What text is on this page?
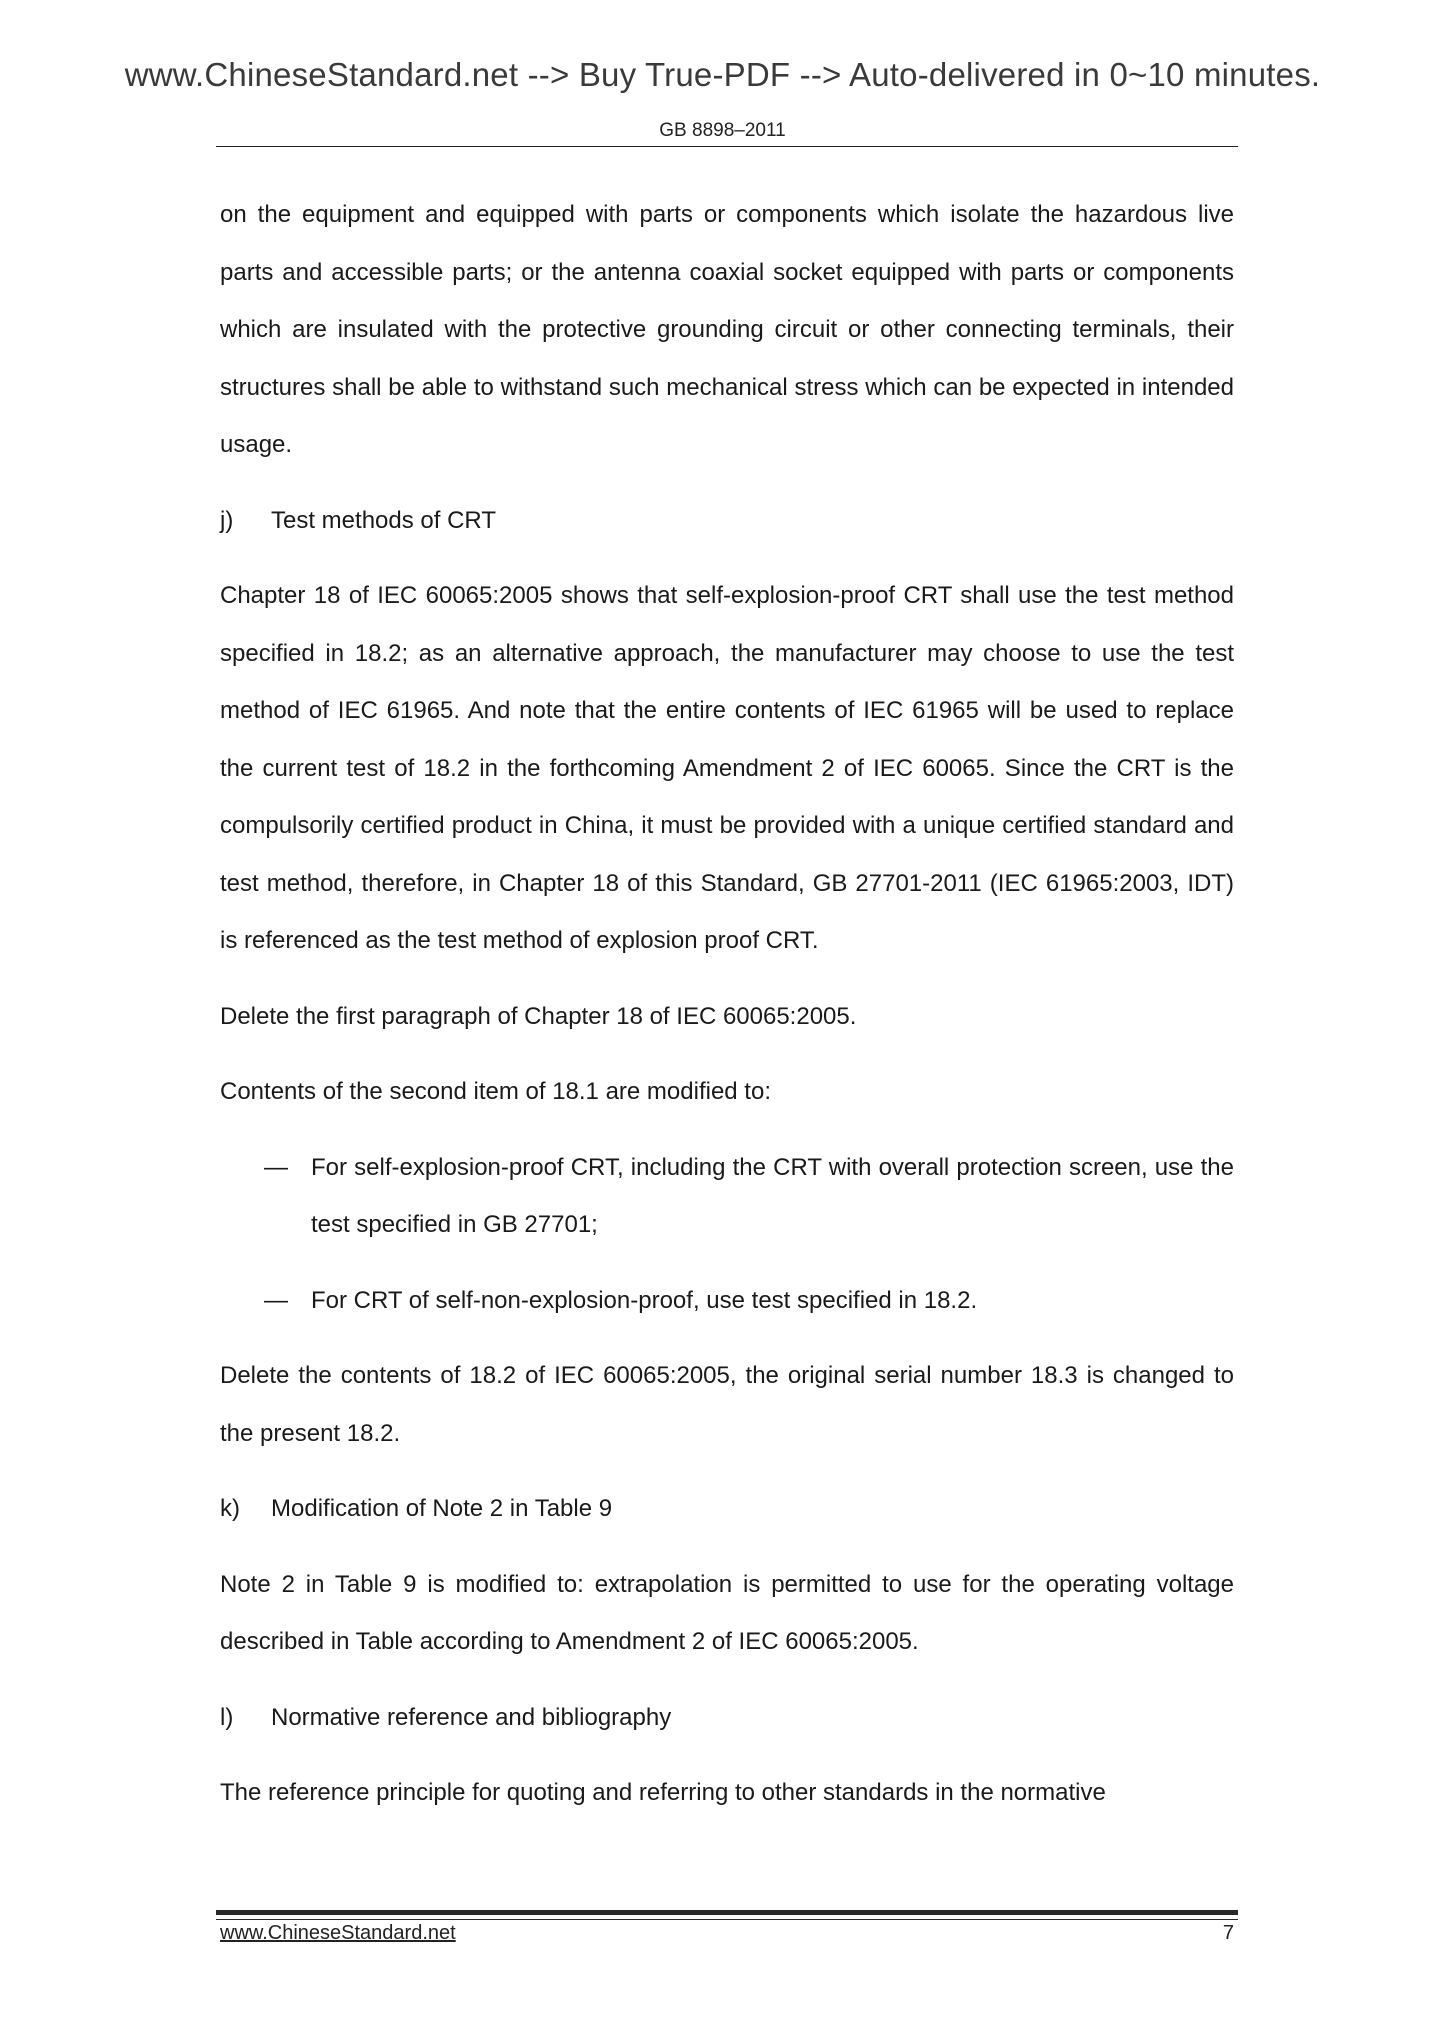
www.ChineseStandard.net --> Buy True-PDF --> Auto-delivered in 0~10 minutes.
GB 8898–2011

on the equipment and equipped with parts or components which isolate the hazardous live parts and accessible parts; or the antenna coaxial socket equipped with parts or components which are insulated with the protective grounding circuit or other connecting terminals, their structures shall be able to withstand such mechanical stress which can be expected in intended usage.

j)	Test methods of CRT

Chapter 18 of IEC 60065:2005 shows that self-explosion-proof CRT shall use the test method specified in 18.2; as an alternative approach, the manufacturer may choose to use the test method of IEC 61965. And note that the entire contents of IEC 61965 will be used to replace the current test of 18.2 in the forthcoming Amendment 2 of IEC 60065. Since the CRT is the compulsorily certified product in China, it must be provided with a unique certified standard and test method, therefore, in Chapter 18 of this Standard, GB 27701-2011 (IEC 61965:2003, IDT) is referenced as the test method of explosion proof CRT.

Delete the first paragraph of Chapter 18 of IEC 60065:2005.

Contents of the second item of 18.1 are modified to:

— For self-explosion-proof CRT, including the CRT with overall protection screen, use the test specified in GB 27701;
— For CRT of self-non-explosion-proof, use test specified in 18.2.

Delete the contents of 18.2 of IEC 60065:2005, the original serial number 18.3 is changed to the present 18.2.

k)	Modification of Note 2 in Table 9

Note 2 in Table 9 is modified to: extrapolation is permitted to use for the operating voltage described in Table according to Amendment 2 of IEC 60065:2005.

l)	Normative reference and bibliography

The reference principle for quoting and referring to other standards in the normative

www.ChineseStandard.net	7
